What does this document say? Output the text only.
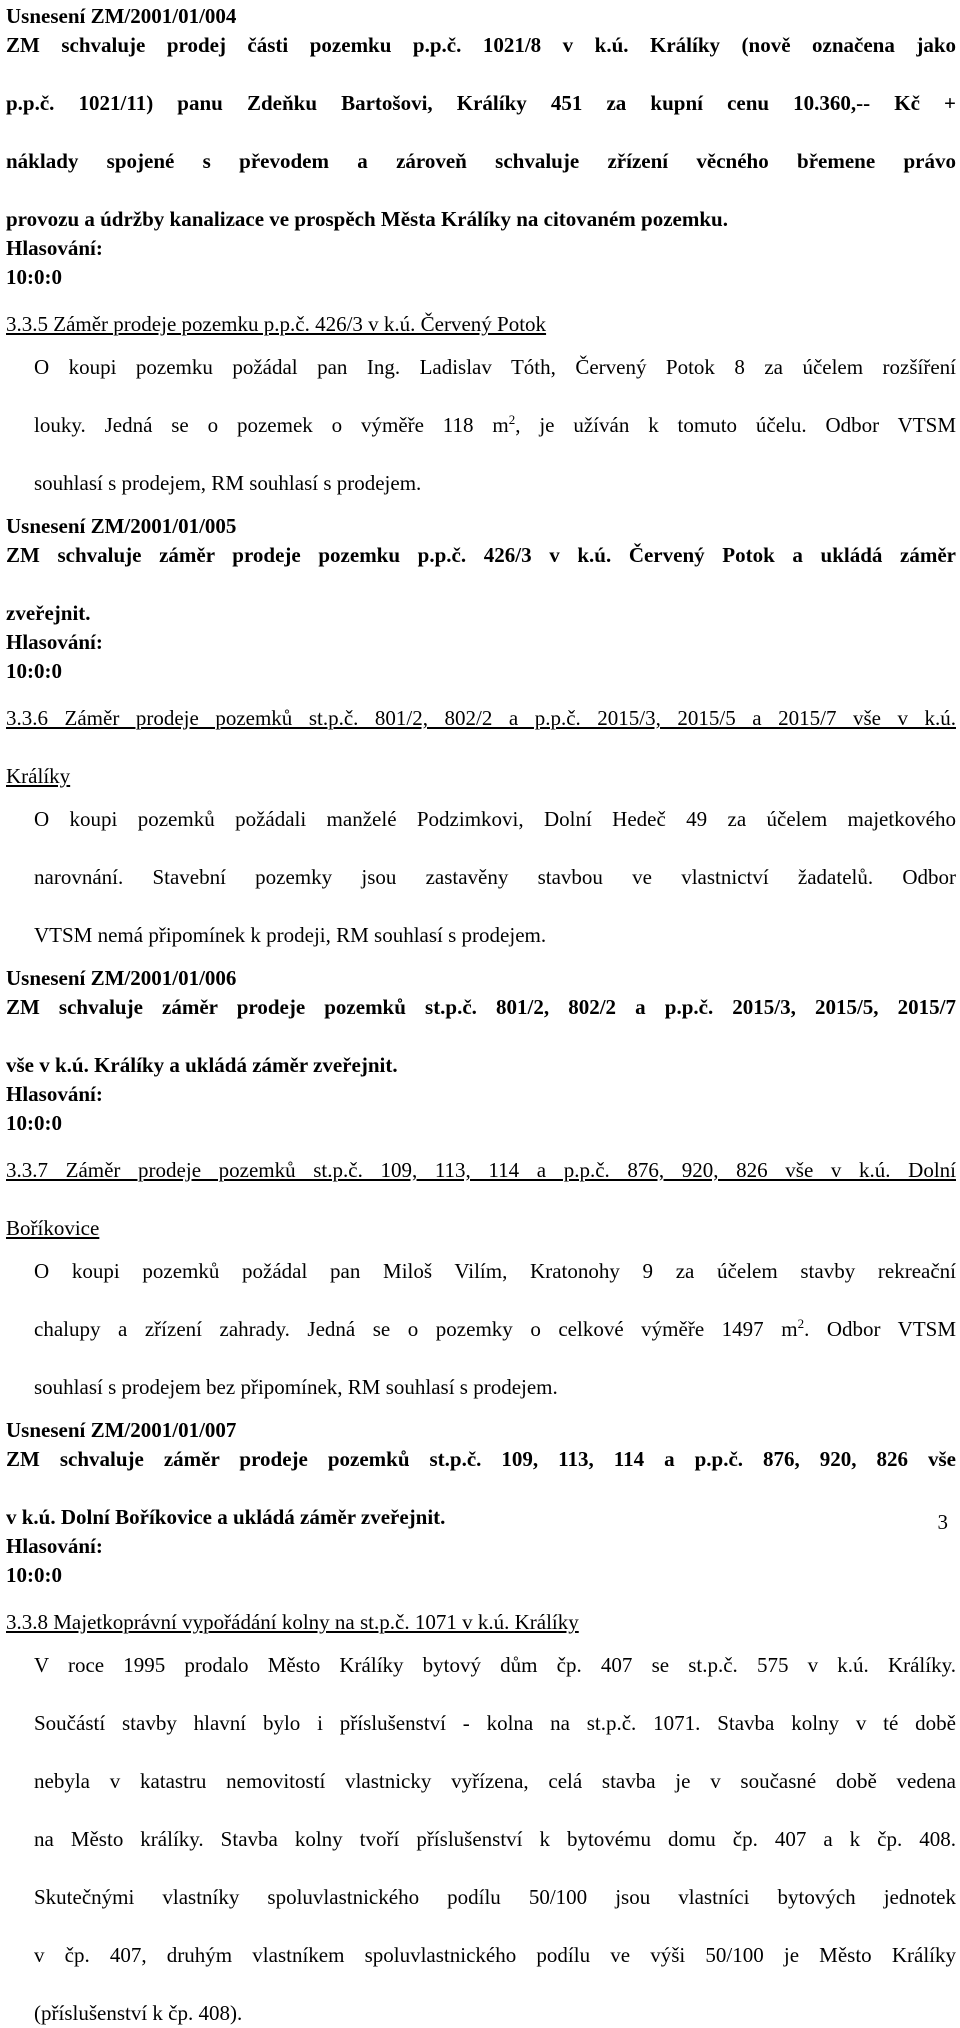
Usnesení ZM/2001/01/004

ZM schvaluje prodej části pozemku p.p.č. 1021/8 v k.ú. Králíky (nově označena jako

p.p.č. 1021/11) panu Zdeňku Bartošovi, Králíky 451 za kupní cenu 10.360,-- Kč +

náklady spojené s převodem a zároveň schvaluje zřízení věcného břemene právo

provozu a údržby kanalizace ve prospěch Města Králíky na citovaném pozemku.

Hlasování:

10:0:0

3.3.5 Záměr prodeje pozemku p.p.č. 426/3 v k.ú. Červený Potok

O koupi pozemku požádal pan Ing. Ladislav Tóth, Červený Potok 8 za účelem rozšíření

louky. Jedná se o pozemek o výměře 118 $m^2$, je užíván k tomuto účelu. Odbor VTSM

souhlasí s prodejem, RM souhlasí s prodejem.

Usnesení ZM/2001/01/005

ZM schvaluje záměr prodeje pozemku p.p.č. 426/3 v k.ú. Červený Potok a ukládá záměr

zveřejnit.

Hlasování:

10:0:0

3.3.6 Záměr prodeje pozemků st.p.č. 801/2, 802/2 a p.p.č. 2015/3, 2015/5 a 2015/7 vše v k.ú.

Králíky

O koupi pozemků požádali manželé Podzimkovi, Dolní Hedeč 49 za účelem majetkového

narovnání. Stavební pozemky jsou zastavěny stavbou ve vlastnictví žadatelů. Odbor

VTSM nemá připomínek k prodeji, RM souhlasí s prodejem.

Usnesení ZM/2001/01/006

ZM schvaluje záměr prodeje pozemků st.p.č. 801/2, 802/2 a p.p.č. 2015/3, 2015/5, 2015/7

vše v k.ú. Králíky a ukládá záměr zveřejnit.

Hlasování:

10:0:0

3.3.7 Záměr prodeje pozemků st.p.č. 109, 113, 114 a p.p.č. 876, 920, 826 vše v k.ú. Dolní

Boříkovice

O koupi pozemků požádal pan Miloš Vilím, Kratonohy 9 za účelem stavby rekreační

chalupy a zřízení zahrady. Jedná se o pozemky o celkové výměře 1497 $m^2$. Odbor VTSM

souhlasí s prodejem bez připomínek, RM souhlasí s prodejem.

Usnesení ZM/2001/01/007

ZM schvaluje záměr prodeje pozemků st.p.č. 109, 113, 114 a p.p.č. 876, 920, 826 vše

v k.ú. Dolní Boříkovice a ukládá záměr zveřejnit.

Hlasování:

10:0:0

3.3.8 Majetkoprávní vypořádání kolny na st.p.č. 1071 v k.ú. Králíky

V roce 1995 prodalo Město Králíky bytový dům čp. 407 se st.p.č. 575 v k.ú. Králíky.

Součástí stavby hlavní bylo i příslušenství - kolna na st.p.č. 1071. Stavba kolny v té době

nebyla v katastru nemovitostí vlastnicky vyřízena, celá stavba je v současné době vedena

na Město králíky. Stavba kolny tvoří příslušenství k bytovému domu čp. 407 a k čp. 408.

Skutečnými vlastníky spoluvlastnického podílu 50/100 jsou vlastníci bytových jednotek

v čp. 407, druhým vlastníkem spoluvlastnického podílu ve výši 50/100 je Město Králíky

(příslušenství k čp. 408).

3
